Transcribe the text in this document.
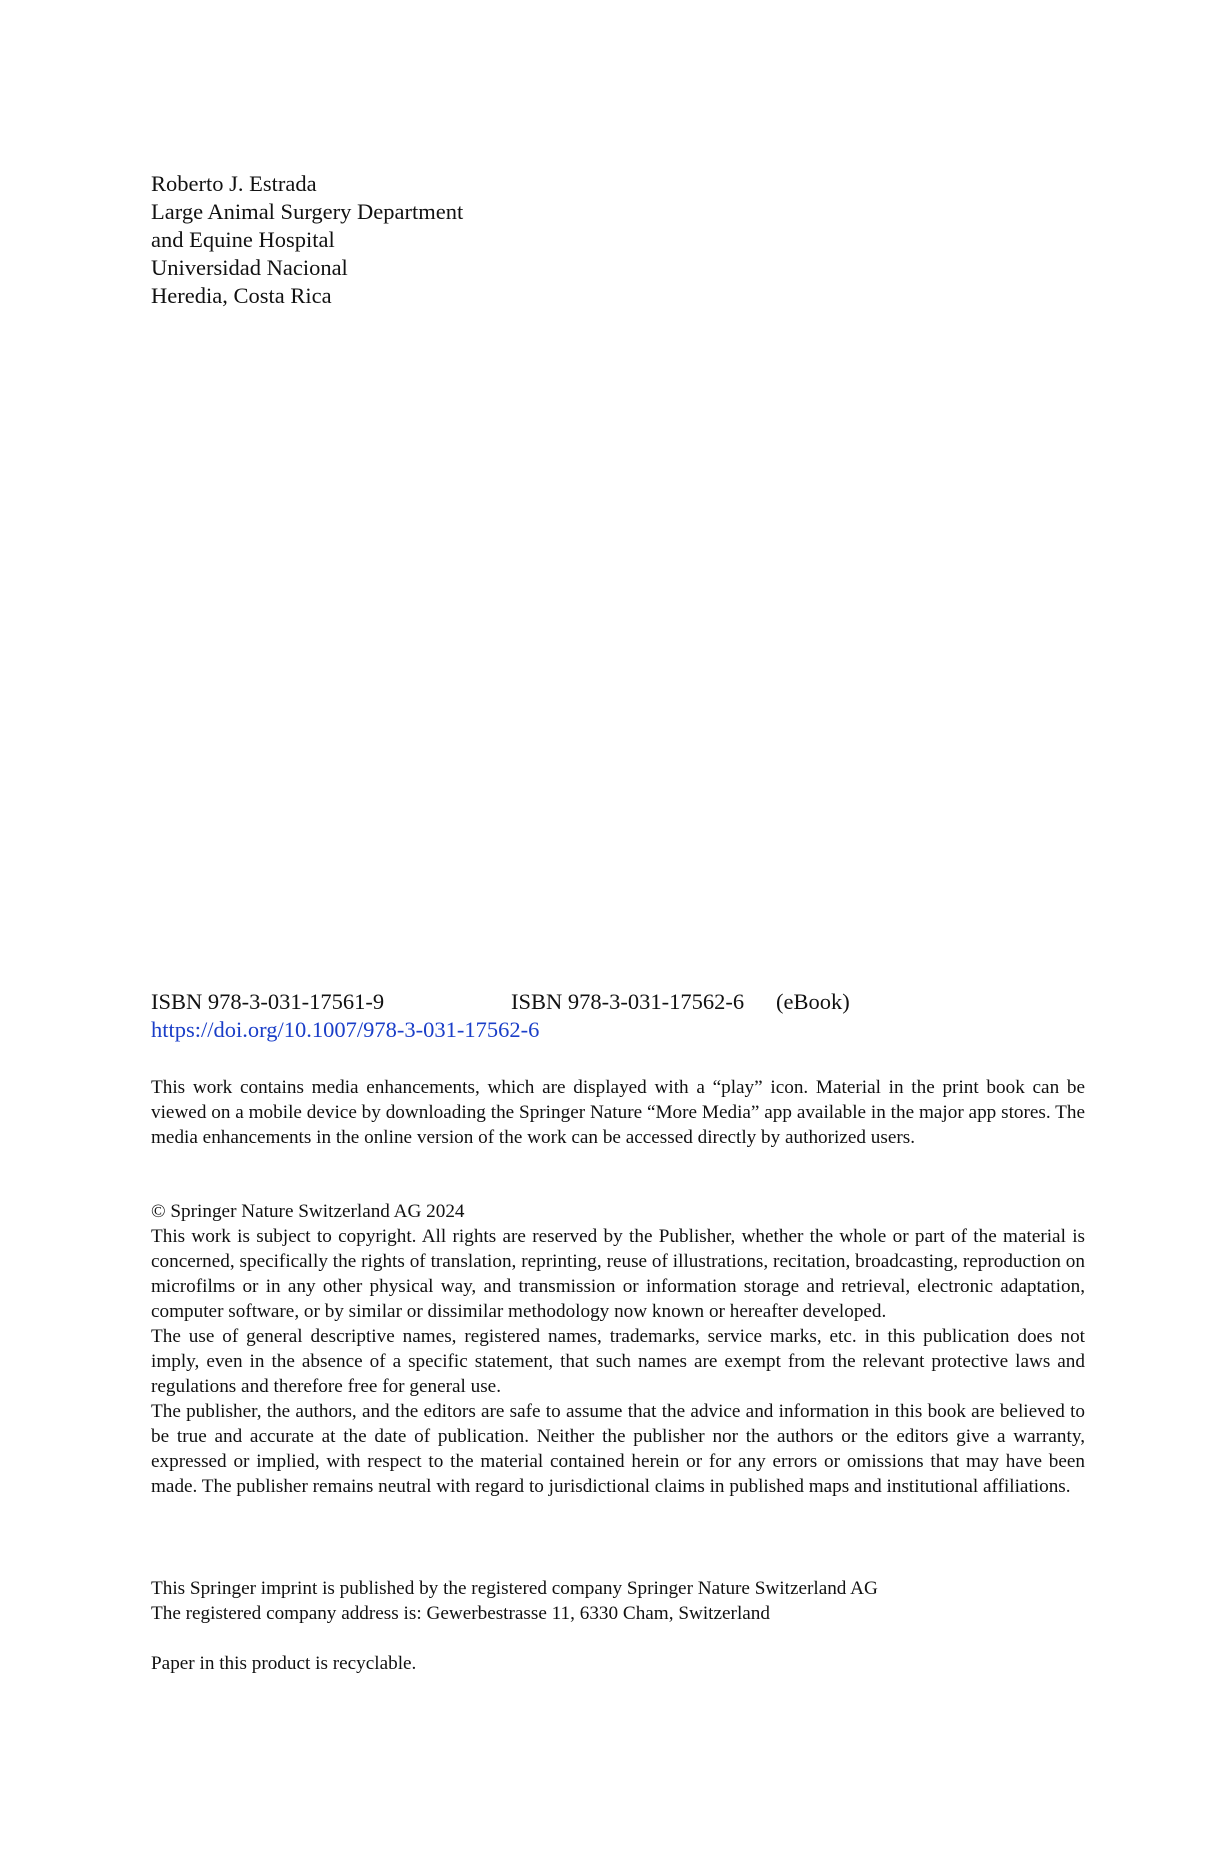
Roberto J. Estrada
Large Animal Surgery Department
and Equine Hospital
Universidad Nacional
Heredia, Costa Rica
ISBN 978-3-031-17561-9	ISBN 978-3-031-17562-6 (eBook)
https://doi.org/10.1007/978-3-031-17562-6
This work contains media enhancements, which are displayed with a “play” icon. Material in the print book can be viewed on a mobile device by downloading the Springer Nature “More Media” app available in the major app stores. The media enhancements in the online version of the work can be accessed directly by authorized users.

© Springer Nature Switzerland AG 2024

This work is subject to copyright. All rights are reserved by the Publisher, whether the whole or part of the material is concerned, specifically the rights of translation, reprinting, reuse of illustrations, recitation, broadcasting, reproduction on microfilms or in any other physical way, and transmission or information storage and retrieval, electronic adaptation, computer software, or by similar or dissimilar methodology now known or hereafter developed.

The use of general descriptive names, registered names, trademarks, service marks, etc. in this publication does not imply, even in the absence of a specific statement, that such names are exempt from the relevant protective laws and regulations and therefore free for general use.

The publisher, the authors, and the editors are safe to assume that the advice and information in this book are believed to be true and accurate at the date of publication. Neither the publisher nor the authors or the editors give a warranty, expressed or implied, with respect to the material contained herein or for any errors or omissions that may have been made. The publisher remains neutral with regard to jurisdictional claims in published maps and institutional affiliations.

This Springer imprint is published by the registered company Springer Nature Switzerland AG
The registered company address is: Gewerbestrasse 11, 6330 Cham, Switzerland
Paper in this product is recyclable.
